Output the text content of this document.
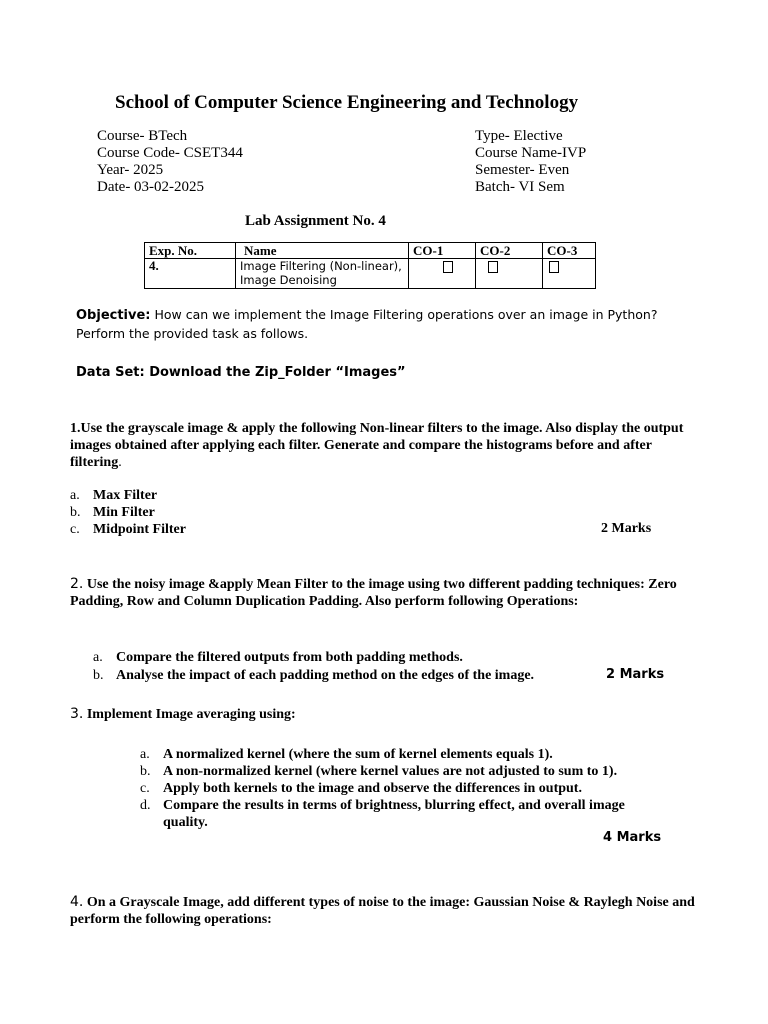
School of Computer Science Engineering and Technology
Course- BTech
Course Code- CSET344
Year- 2025
Date- 03-02-2025
Type- Elective
Course Name-IVP
Semester- Even
Batch- VI Sem
Lab Assignment No. 4
Exp. No.	Name	CO-1	CO-2	CO-3
4.	Image Filtering (Non-linear),
Image Denoising			

Objective: How can we implement the Image Filtering operations over an image in Python? Perform the provided task as follows.
Data Set: Download the Zip_Folder “Images”
1.Use the grayscale image & apply the following Non-linear filters to the image. Also display the output images obtained after applying each filter. Generate and compare the histograms before and after filtering.
a. Max Filter
b. Min Filter
c. Midpoint Filter	2 Marks
2. Use the noisy image &apply Mean Filter to the image using two different padding techniques: Zero Padding, Row and Column Duplication Padding. Also perform following Operations:
a. Compare the filtered outputs from both padding methods.
b. Analyse the impact of each padding method on the edges of the image.	2 Marks
3. Implement Image averaging using:
a. A normalized kernel (where the sum of kernel elements equals 1).
b. A non-normalized kernel (where kernel values are not adjusted to sum to 1).
c. Apply both kernels to the image and observe the differences in output.
d. Compare the results in terms of brightness, blurring effect, and overall image
quality.
4 Marks
4. On a Grayscale Image, add different types of noise to the image: Gaussian Noise & Raylegh Noise and perform the following operations:
